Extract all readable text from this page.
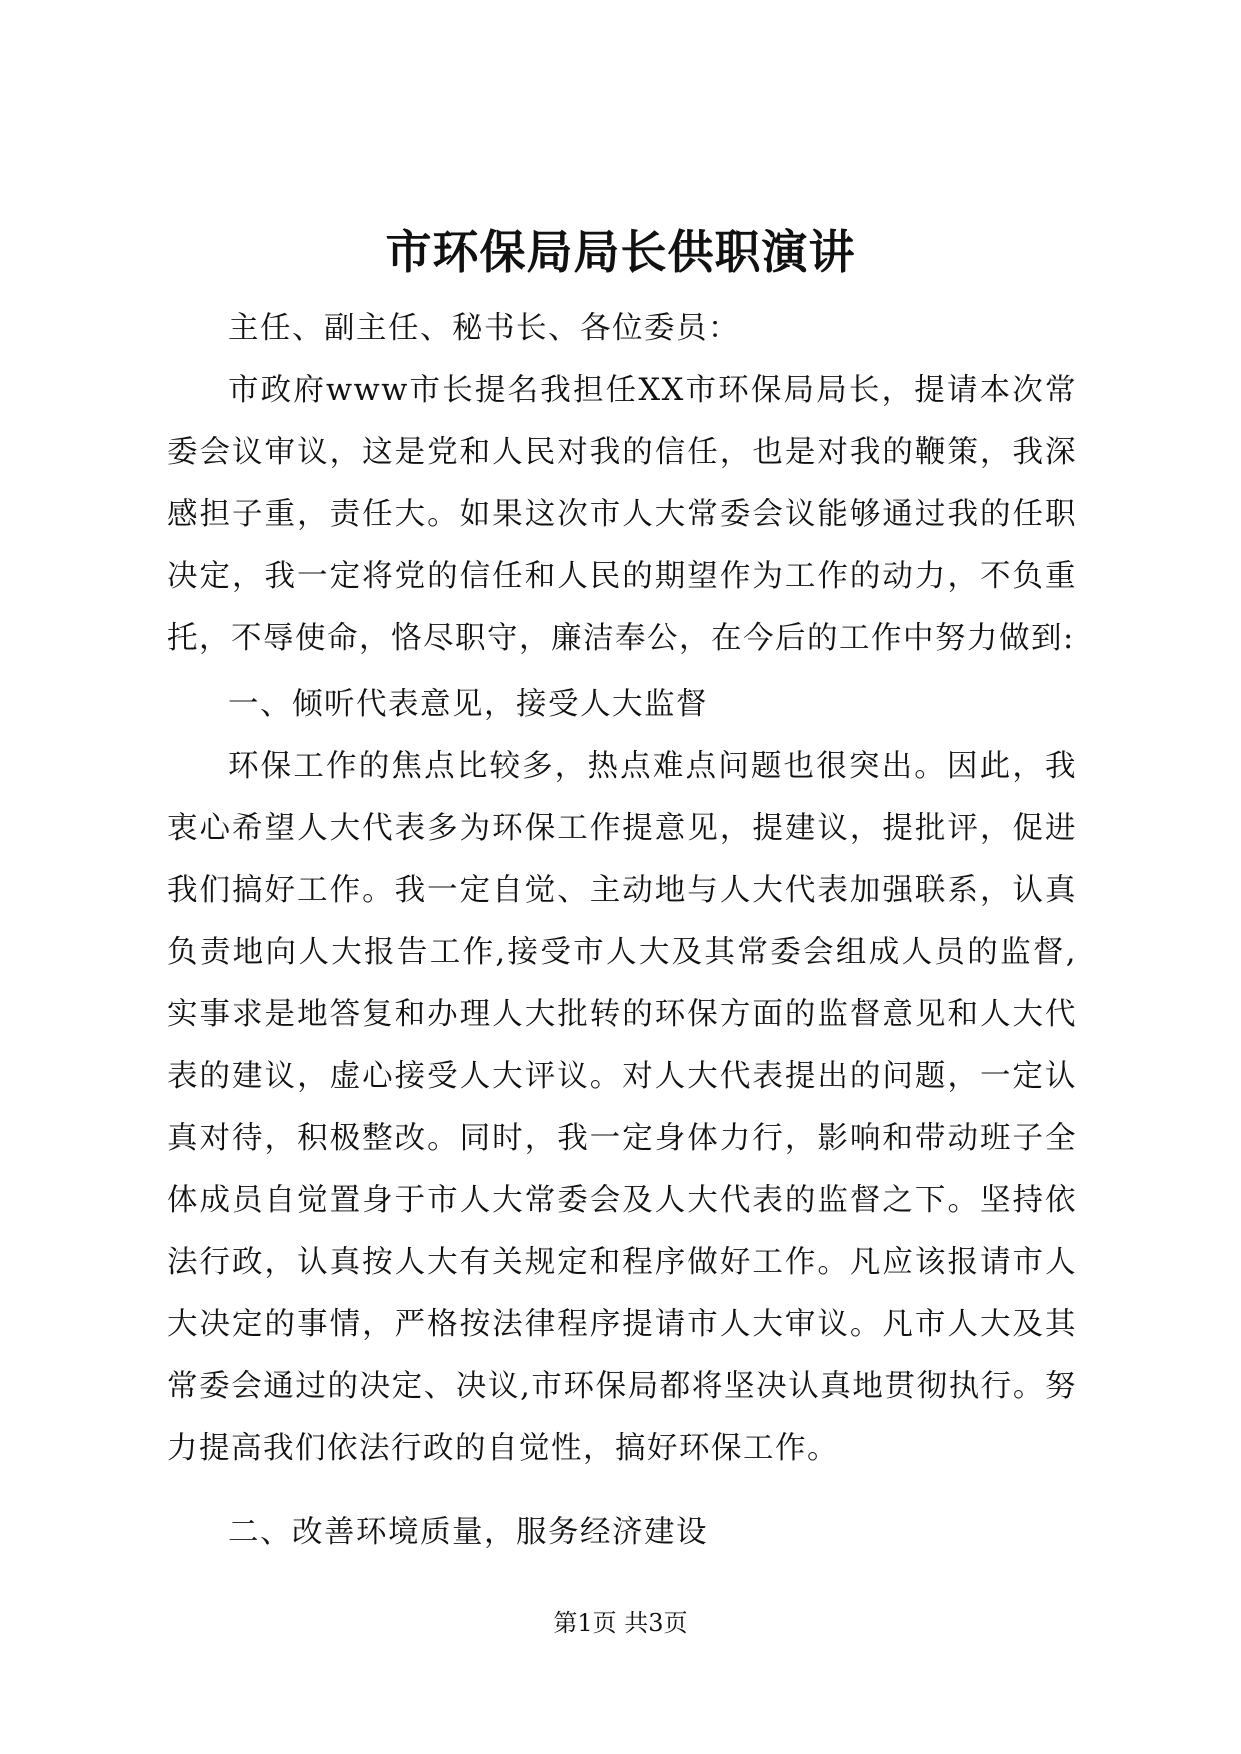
市环保局局长供职演讲

主任、副主任、秘书长、各位委员：

市政府www市长提名我担任XX市环保局局长，提请本次常委会议审议，这是党和人民对我的信任，也是对我的鞭策，我深感担子重，责任大。如果这次市人大常委会议能够通过我的任职决定，我一定将党的信任和人民的期望作为工作的动力，不负重托，不辱使命，恪尽职守，廉洁奉公，在今后的工作中努力做到:

一、倾听代表意见，接受人大监督

环保工作的焦点比较多，热点难点问题也很突出。因此，我衷心希望人大代表多为环保工作提意见，提建议，提批评，促进我们搞好工作。我一定自觉、主动地与人大代表加强联系，认真负责地向人大报告工作,接受市人大及其常委会组成人员的监督,实事求是地答复和办理人大批转的环保方面的监督意见和人大代表的建议，虚心接受人大评议。对人大代表提出的问题，一定认真对待，积极整改。同时，我一定身体力行，影响和带动班子全体成员自觉置身于市人大常委会及人大代表的监督之下。坚持依法行政，认真按人大有关规定和程序做好工作。凡应该报请市人大决定的事情，严格按法律程序提请市人大审议。凡市人大及其常委会通过的决定、决议,市环保局都将坚决认真地贯彻执行。努力提高我们依法行政的自觉性，搞好环保工作。

二、改善环境质量，服务经济建设

第1页 共3页
